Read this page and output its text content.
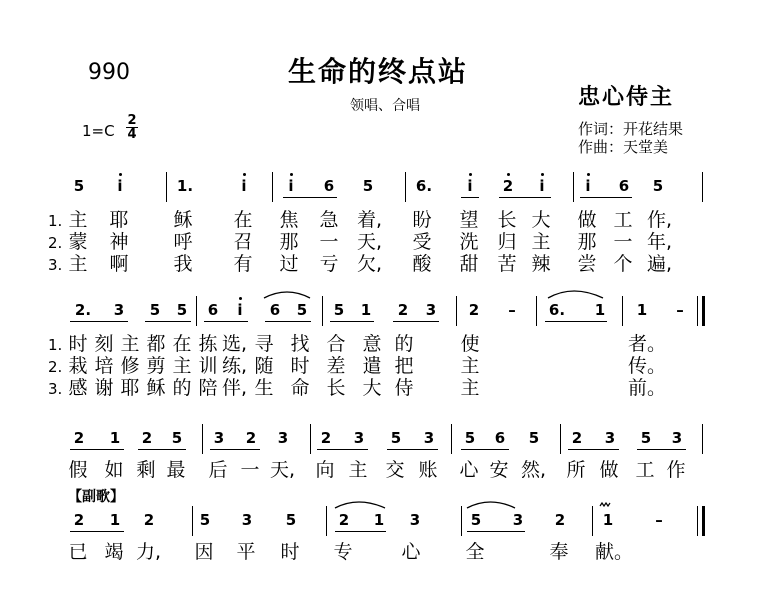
990	生命的终点站
领唱、合唱	忠心侍主
1=C
2
4	作词：开花结果
作曲：天堂美
【副歌】
5 i	1.	i	i 6 5	6. i 2 i	i 6 5
1.
2.
3.
主 耶 稣 在 焦 急 着, 盼 望 长 大 做 工 作,
蒙 神 呼 召 那 一 天, 受 洗 归 主 那 一 年,
主 啊 我 有 过 亏 欠, 酸 甜 苦 辣 尝 个 遍,
2. 3 5 5 6 i 6 5 5 1 2 3 2 – 6. 1 1 –
1.
2.
3.
时 刻 主 都 在 拣 选, 寻 找 合 意 的 使	者。
栽 培 修 剪 主 训 练, 随 时 差 遣 把 主	传。
感 谢 耶 稣 的 陪 伴, 生 命 长 大 侍 主	前。
2 1 2 5 3 2 3 2 3 5 3 5 6 5 2 3 5 3
假 如 剩 最 后 一 天, 向 主 交 账 心 安 然, 所 做 工 作
2 1 2	5 3 5	2 1 3	5 3 2	1	–
已 竭 力, 因 平 时 专	心 全	奉 献。
